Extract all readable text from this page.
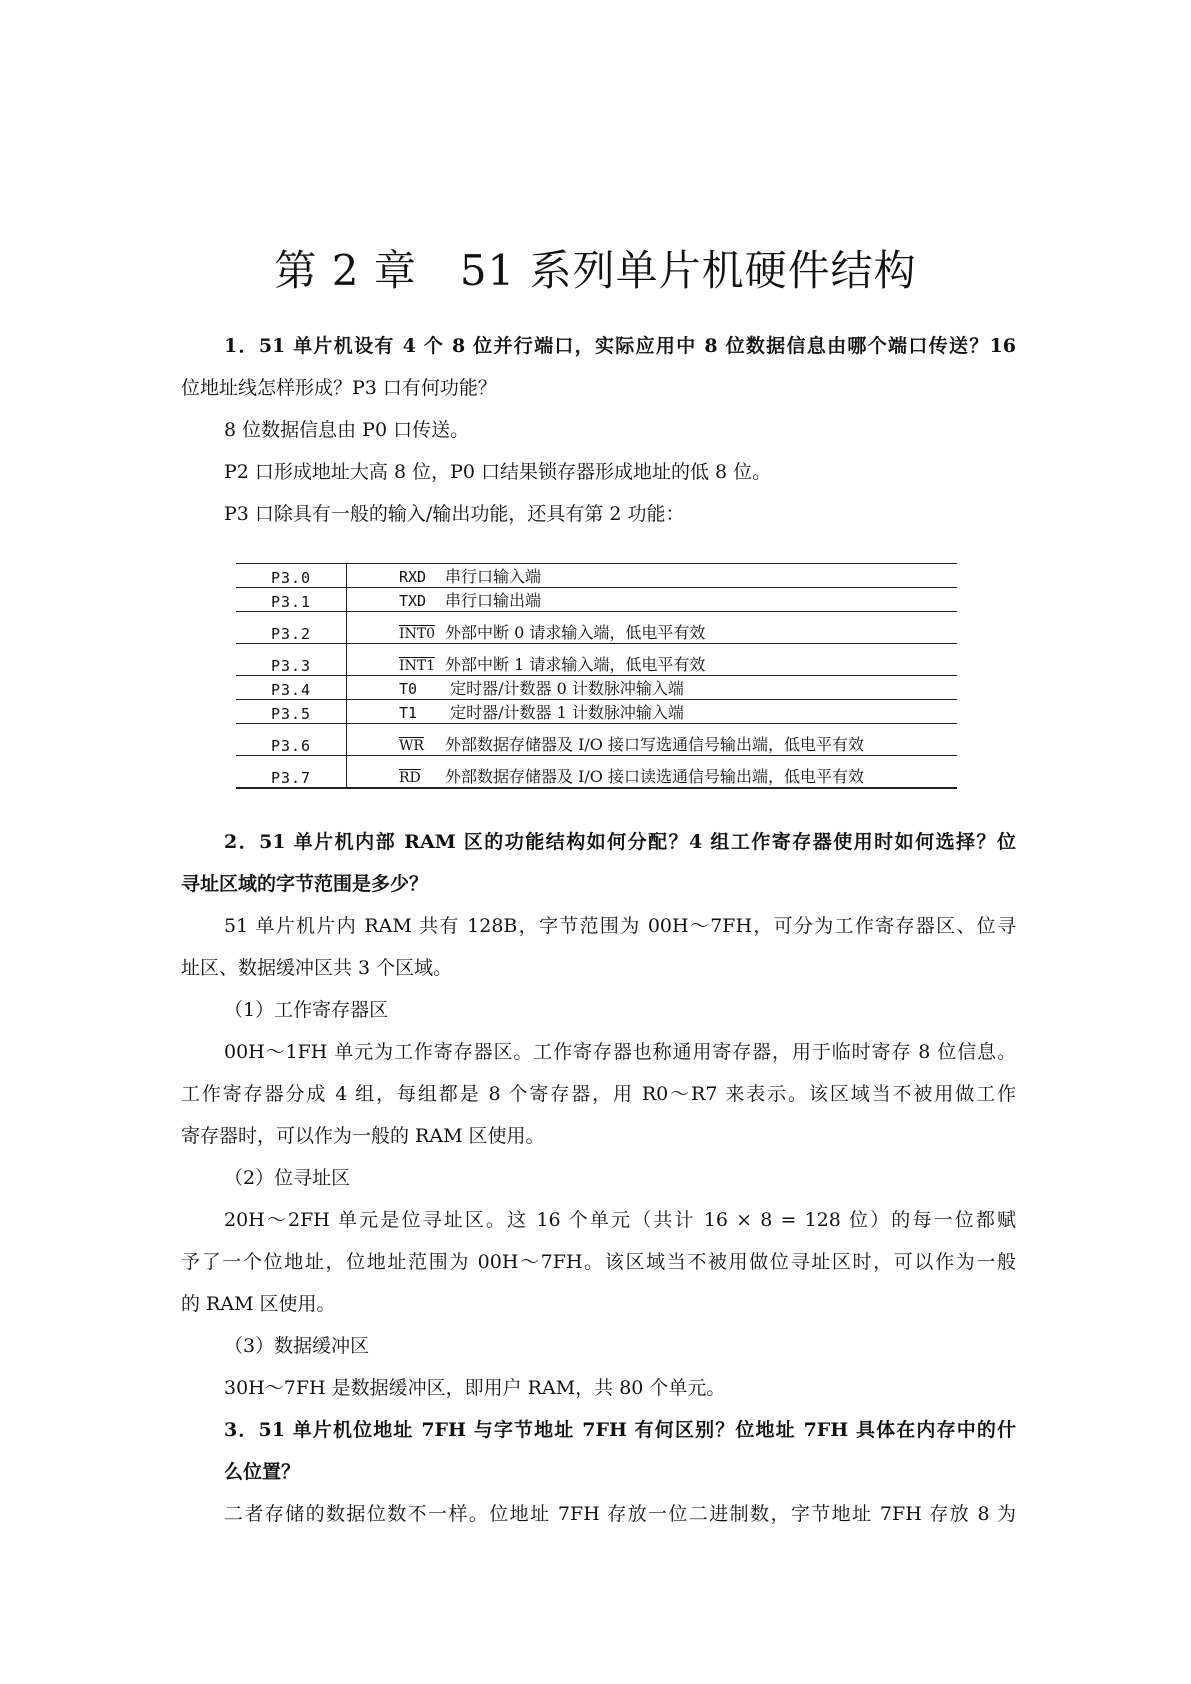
第 2 章　51 系列单片机硬件结构
1．51 单片机设有 4 个 8 位并行端口，实际应用中 8 位数据信息由哪个端口传送？16
位地址线怎样形成？P3 口有何功能？
8 位数据信息由 P0 口传送。
P2 口形成地址大高 8 位，P0 口结果锁存器形成地址的低 8 位。
P3 口除具有一般的输入/输出功能，还具有第 2 功能：
P3.0	RXD 串行口输入端
P3.1	TXD 串行口输出端
P3.2	INT0 外部中断 0 请求输入端，低电平有效
P3.3	INT1 外部中断 1 请求输入端，低电平有效
P3.4	T0 定时器/计数器 0 计数脉冲输入端
P3.5	T1 定时器/计数器 1 计数脉冲输入端
P3.6	$\overline{WR}$ 外部数据存储器及 I/O 接口写选通信号输出端，低电平有效
P3.7	$\overline{RD}$ 外部数据存储器及 I/O 接口读选通信号输出端，低电平有效
2．51 单片机内部 RAM 区的功能结构如何分配？4 组工作寄存器使用时如何选择？位
寻址区域的字节范围是多少？
51 单片机片内 RAM 共有 128B，字节范围为 00H～7FH，可分为工作寄存器区、位寻
址区、数据缓冲区共 3 个区域。
（1）工作寄存器区
00H～1FH 单元为工作寄存器区。工作寄存器也称通用寄存器，用于临时寄存 8 位信息。
工作寄存器分成 4 组，每组都是 8 个寄存器，用 R0～R7 来表示。该区域当不被用做工作
寄存器时，可以作为一般的 RAM 区使用。
（2）位寻址区
20H～2FH 单元是位寻址区。这 16 个单元（共计 16 × 8 = 128 位）的每一位都赋
予了一个位地址，位地址范围为 00H～7FH。该区域当不被用做位寻址区时，可以作为一般
的 RAM 区使用。
（3）数据缓冲区
30H～7FH 是数据缓冲区，即用户 RAM，共 80 个单元。
3．51 单片机位地址 7FH 与字节地址 7FH 有何区别？位地址 7FH 具体在内存中的什
么位置？
二者存储的数据位数不一样。位地址 7FH 存放一位二进制数，字节地址 7FH 存放 8 为
